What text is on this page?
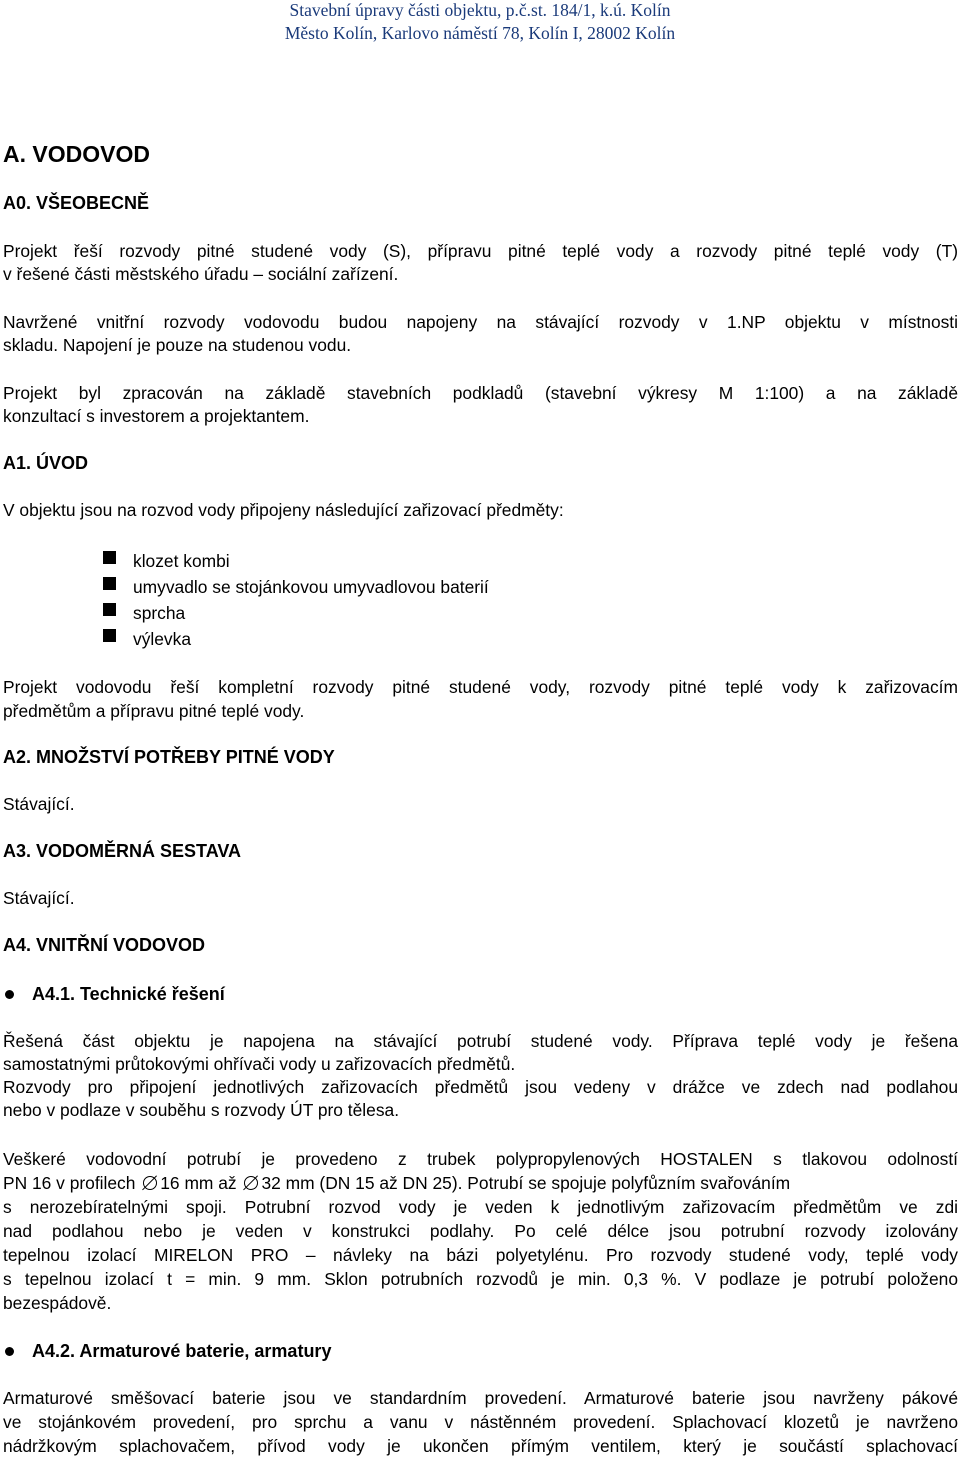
Stavební úpravy části objektu, p.č.st. 184/1, k.ú. Kolín
Město Kolín, Karlovo náměstí 78, Kolín I, 28002 Kolín
A. VODOVOD
A0. VŠEOBECNĚ
Projekt řeší rozvody pitné studené vody (S), přípravu pitné teplé vody a rozvody pitné teplé vody (T)
v řešené části městského úřadu – sociální zařízení.
Navržené vnitřní rozvody vodovodu budou napojeny na stávající rozvody v 1.NP objektu v místnosti
skladu. Napojení je pouze na studenou vodu.
Projekt byl zpracován na základě stavebních podkladů (stavební výkresy M 1:100) a na základě
konzultací s investorem a projektantem.
A1. ÚVOD
V objektu jsou na rozvod vody připojeny následující zařizovací předměty:
klozet kombi
umyvadlo se stojánkovou umyvadlovou baterií
sprcha
výlevka
Projekt vodovodu řeší kompletní rozvody pitné studené vody, rozvody pitné teplé vody k zařizovacím
předmětům a přípravu pitné teplé vody.
A2. MNOŽSTVÍ POTŘEBY PITNÉ VODY
Stávající.
A3. VODOMĚRNÁ SESTAVA
Stávající.
A4. VNITŘNÍ VODOVOD
A4.1. Technické řešení
Řešená část objektu je napojena na stávající potrubí studené vody. Příprava teplé vody je řešena
samostatnými průtokovými ohřívači vody u zařizovacích předmětů.
Rozvody pro připojení jednotlivých zařizovacích předmětů jsou vedeny v drážce ve zdech nad podlahou
nebo v podlaze v souběhu s rozvody ÚT pro tělesa.
Veškeré vodovodní potrubí je provedeno z trubek polypropylenových HOSTALEN s tlakovou odolností
PN 16 v profilech 16 mm až 32 mm (DN 15 až DN 25). Potrubí se spojuje polyfůzním svařováním
s nerozebíratelnými spoji. Potrubní rozvod vody je veden k jednotlivým zařizovacím předmětům ve zdi
nad podlahou nebo je veden v konstrukci podlahy. Po celé délce jsou potrubní rozvody izolovány
tepelnou izolací MIRELON PRO – návleky na bázi polyetylénu. Pro rozvody studené vody, teplé vody
s tepelnou izolací t = min. 9 mm. Sklon potrubních rozvodů je min. 0,3 %. V podlaze je potrubí položeno
bezespádově.
A4.2. Armaturové baterie, armatury
Armaturové směšovací baterie jsou ve standardním provedení. Armaturové baterie jsou navrženy pákové
ve stojánkovém provedení, pro sprchu a vanu v nástěnném provedení. Splachovací klozetů je navrženo
nádržkovým splachovačem, přívod vody je ukončen přímým ventilem, který je součástí splachovací
